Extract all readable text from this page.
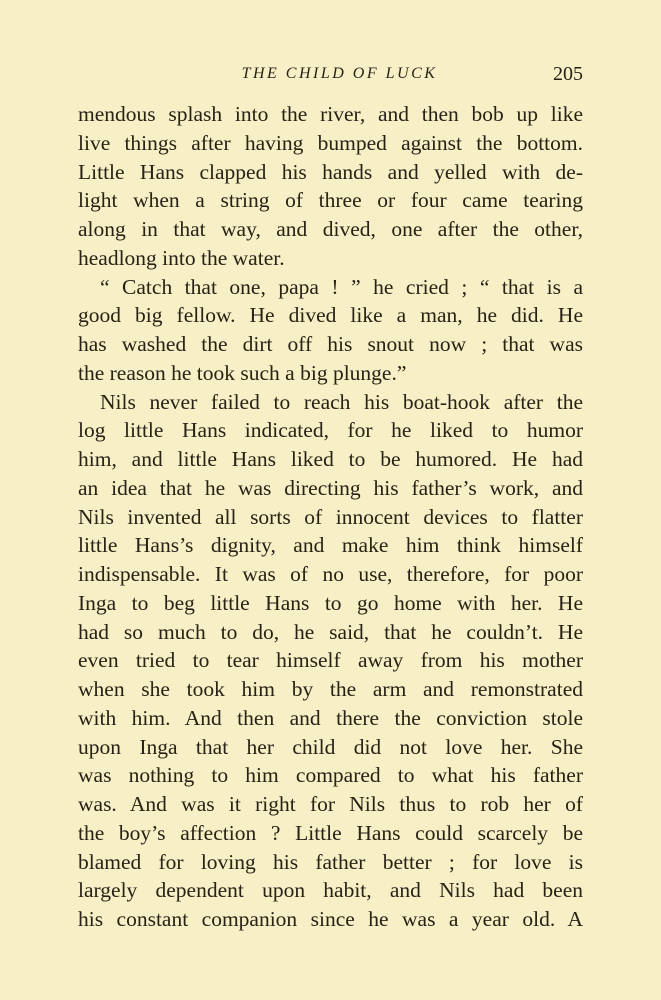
THE CHILD OF LUCK	205
mendous splash into the river, and then bob up like
live things after having bumped against the bottom.
Little Hans clapped his hands and yelled with de-
light when a string of three or four came tearing
along in that way, and dived, one after the other,
headlong into the water.
“ Catch that one, papa ! ” he cried ; “ that is a
good big fellow. He dived like a man, he did. He
has washed the dirt off his snout now ; that was
the reason he took such a big plunge.”
Nils never failed to reach his boat-hook after the
log little Hans indicated, for he liked to humor
him, and little Hans liked to be humored. He had
an idea that he was directing his father’s work, and
Nils invented all sorts of innocent devices to flatter
little Hans’s dignity, and make him think himself
indispensable. It was of no use, therefore, for poor
Inga to beg little Hans to go home with her. He
had so much to do, he said, that he couldn’t. He
even tried to tear himself away from his mother
when she took him by the arm and remonstrated
with him. And then and there the conviction stole
upon Inga that her child did not love her. She
was nothing to him compared to what his father
was. And was it right for Nils thus to rob her of
the boy’s affection ? Little Hans could scarcely be
blamed for loving his father better ; for love is
largely dependent upon habit, and Nils had been
his constant companion since he was a year old. A
